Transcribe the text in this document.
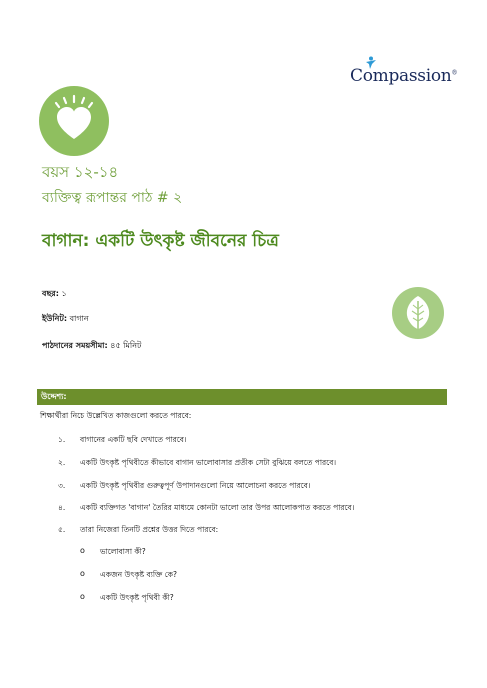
Compassion®
বয়স ১২-১৪
ব্যক্তিত্ব রূপান্তর পাঠ # ২
বাগান: একটি উৎকৃষ্ট জীবনের চিত্র
বছর: ১
ইউনিট: বাগান
পাঠদানের সময়সীমা: ৪৫ মিনিট
উদ্দেশ্য:
শিক্ষার্থীরা নিচে উল্লেখিত কাজগুলো করতে পারবে:
১. বাগানের একটি ছবি দেখাতে পারবে।
২. একটি উৎকৃষ্ট পৃথিবীতে কীভাবে বাগান ভালোবাসার প্রতীক সেটা বুঝিয়ে বলতে পারবে।
৩. একটি উৎকৃষ্ট পৃথিবীর গুরুত্বপূর্ণ উপাদানগুলো নিয়ে আলোচনা করতে পারবে।
৪. একটি ব্যক্তিগত 'বাগান' তৈরির মাধ্যমে কোনটা ভালো তার উপর আলোকপাত করতে পারবে।
৫. তারা নিজেরা তিনটি প্রশ্নের উত্তর দিতে পারবে:
o ভালোবাসা কী?
o একজন উৎকৃষ্ট ব্যক্তি কে?
o একটি উৎকৃষ্ট পৃথিবী কী?
